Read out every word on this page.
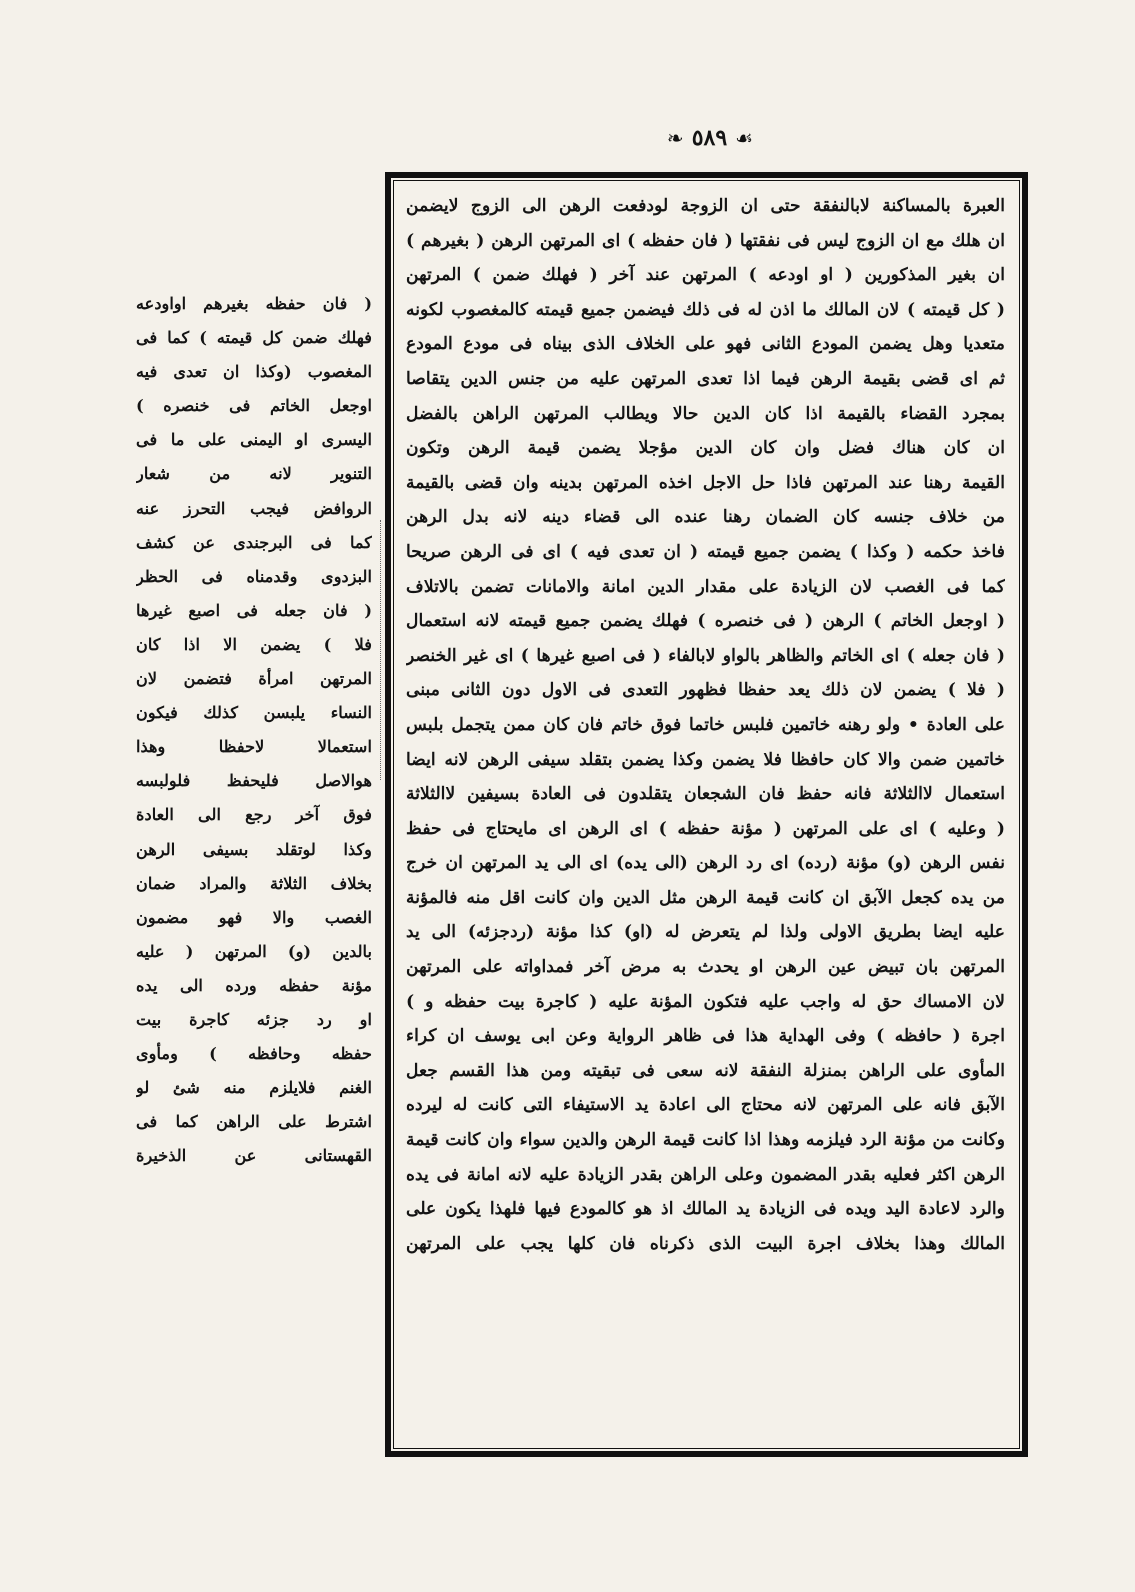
❧ ٥٨٩ ☙
العبرة بالمساكنة لابالنفقة حتى ان الزوجة لودفعت الرهن الى الزوج لايضمن
ان هلك مع ان الزوج ليس فى نفقتها ( فان حفظه ) اى المرتهن الرهن ( بغيرهم )
ان بغير المذكورين ( او اودعه ) المرتهن عند آخر ( فهلك ضمن ) المرتهن
( كل قيمته ) لان المالك ما اذن له فى ذلك فيضمن جميع قيمته كالمغصوب لكونه
متعديا وهل يضمن المودع الثانى فهو على الخلاف الذى بيناه فى مودع المودع
ثم اى قضى بقيمة الرهن فيما اذا تعدى المرتهن عليه من جنس الدين يتقاصا
بمجرد القضاء بالقيمة اذا كان الدين حالا ويطالب المرتهن الراهن بالفضل
ان كان هناك فضل وان كان الدين مؤجلا يضمن قيمة الرهن وتكون
القيمة رهنا عند المرتهن فاذا حل الاجل اخذه المرتهن بدينه وان قضى بالقيمة
من خلاف جنسه كان الضمان رهنا عنده الى قضاء دينه لانه بدل الرهن
فاخذ حكمه ( وكذا ) يضمن جميع قيمته ( ان تعدى فيه ) اى فى الرهن صريحا
كما فى الغصب لان الزيادة على مقدار الدين امانة والامانات تضمن بالاتلاف
( اوجعل الخاتم ) الرهن ( فى خنصره ) فهلك يضمن جميع قيمته لانه استعمال
( فان جعله ) اى الخاتم والظاهر بالواو لابالفاء ( فى اصبع غيرها ) اى غير الخنصر
( فلا ) يضمن لان ذلك يعد حفظا فظهور التعدى فى الاول دون الثانى مبنى
على العادة • ولو رهنه خاتمين فلبس خاتما فوق خاتم فان كان ممن يتجمل بلبس
خاتمين ضمن والا كان حافظا فلا يضمن وكذا يضمن بتقلد سيفى الرهن لانه ايضا
استعمال لاالثلاثة فانه حفظ فان الشجعان يتقلدون فى العادة بسيفين لاالثلاثة
( وعليه ) اى على المرتهن ( مؤنة حفظه ) اى الرهن اى مايحتاج فى حفظ
نفس الرهن (و) مؤنة (رده) اى رد الرهن (الى يده) اى الى يد المرتهن ان خرج
من يده كجعل الآبق ان كانت قيمة الرهن مثل الدين وان كانت اقل منه فالمؤنة
عليه ايضا بطريق الاولى ولذا لم يتعرض له (او) كذا مؤنة (ردجزئه) الى يد
المرتهن بان تبيض عين الرهن او يحدث به مرض آخر فمداواته على المرتهن
لان الامساك حق له واجب عليه فتكون المؤنة عليه ( كاجرة بيت حفظه و )
اجرة ( حافظه ) وفى الهداية هذا فى ظاهر الرواية وعن ابى يوسف ان كراء
المأوى على الراهن بمنزلة النفقة لانه سعى فى تبقيته ومن هذا القسم جعل
الآبق فانه على المرتهن لانه محتاج الى اعادة يد الاستيفاء التى كانت له ليرده
وكانت من مؤنة الرد فيلزمه وهذا اذا كانت قيمة الرهن والدين سواء وان كانت قيمة
الرهن اكثر فعليه بقدر المضمون وعلى الراهن بقدر الزيادة عليه لانه امانة فى يده
والرد لاعادة اليد ويده فى الزيادة يد المالك اذ هو كالمودع فيها فلهذا يكون على
المالك وهذا بخلاف اجرة البيت الذى ذكرناه فان كلها يجب على المرتهن
( فان حفظه بغيرهم اواودعه
فهلك ضمن كل قيمته ) كما فى
المغصوب (وكذا ان تعدى فيه
اوجعل الخاتم فى خنصره )
اليسرى او اليمنى على ما فى
التنوير لانه من شعار
الروافض فيجب التحرز عنه
كما فى البرجندى عن كشف
البزدوى وقدمناه فى الحظر
( فان جعله فى اصبع غيرها
فلا ) يضمن الا اذا كان
المرتهن امرأة فتضمن لان
النساء يلبسن كذلك فيكون
استعمالا لاحفظا وهذا
هوالاصل فليحفظ فلولبسه
فوق آخر رجع الى العادة
وكذا لوتقلد بسيفى الرهن
بخلاف الثلاثة والمراد ضمان
الغصب والا فهو مضمون
بالدين (و) المرتهن ( عليه
مؤنة حفظه ورده الى يده
او رد جزئه كاجرة بيت
حفظه وحافظه ) ومأوى
الغنم فلايلزم منه شئ لو
اشترط على الراهن كما فى
القهستانى عن الذخيرة
